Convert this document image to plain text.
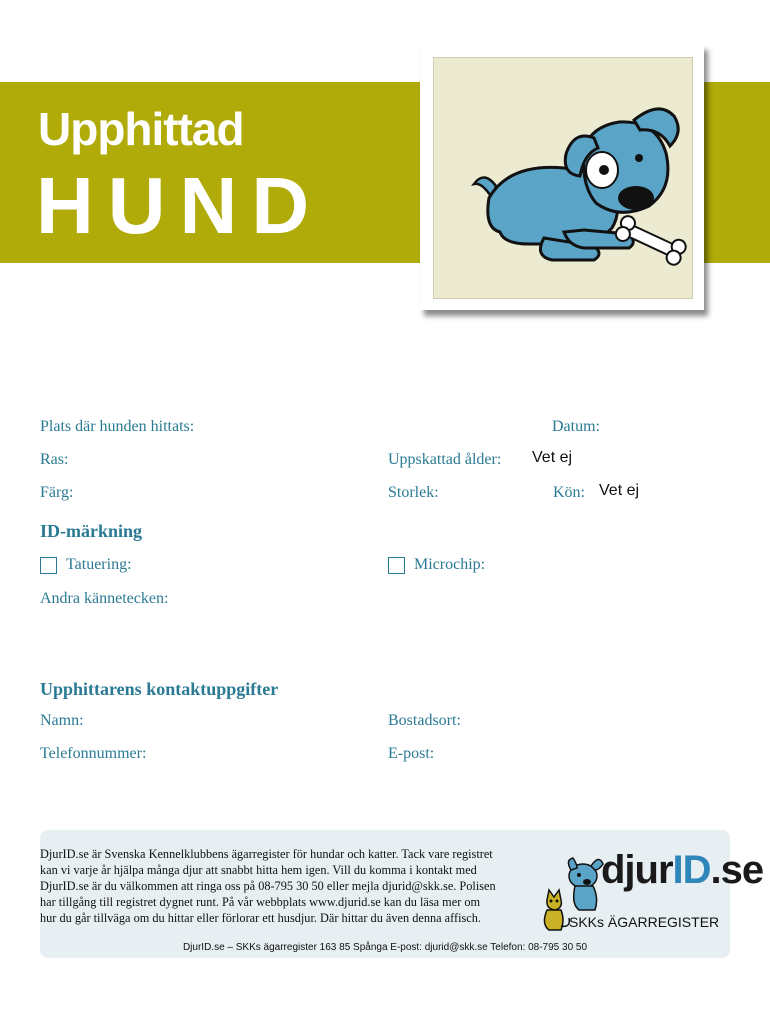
Upphittad
HUND
Plats där hunden hittats:	Datum:
Ras:	Uppskattad ålder: Vet ej
Färg:	Storlek:	Kön: Vet ej
ID-märkning
Tatuering:	Microchip:
Andra kännetecken:
Upphittarens kontaktuppgifter
Namn:	Bostadsort:
Telefonnummer:	E-post:
DjurID.se är Svenska Kennelklubbens ägarregister för hundar och katter. Tack vare registret
kan vi varje år hjälpa många djur att snabbt hitta hem igen. Vill du komma i kontakt med
DjurID.se är du välkommen att ringa oss på 08-795 30 50 eller mejla djurid@skk.se. Polisen
har tillgång till registret dygnet runt. På vår webbplats www.djurid.se kan du läsa mer om
hur du går tillväga om du hittar eller förlorar ett husdjur. Där hittar du även denna affisch.
djurID.se
SKKs ÄGARREGISTER
DjurID.se – SKKs ägarregister 163 85 Spånga E-post: djurid@skk.se Telefon: 08-795 30 50
